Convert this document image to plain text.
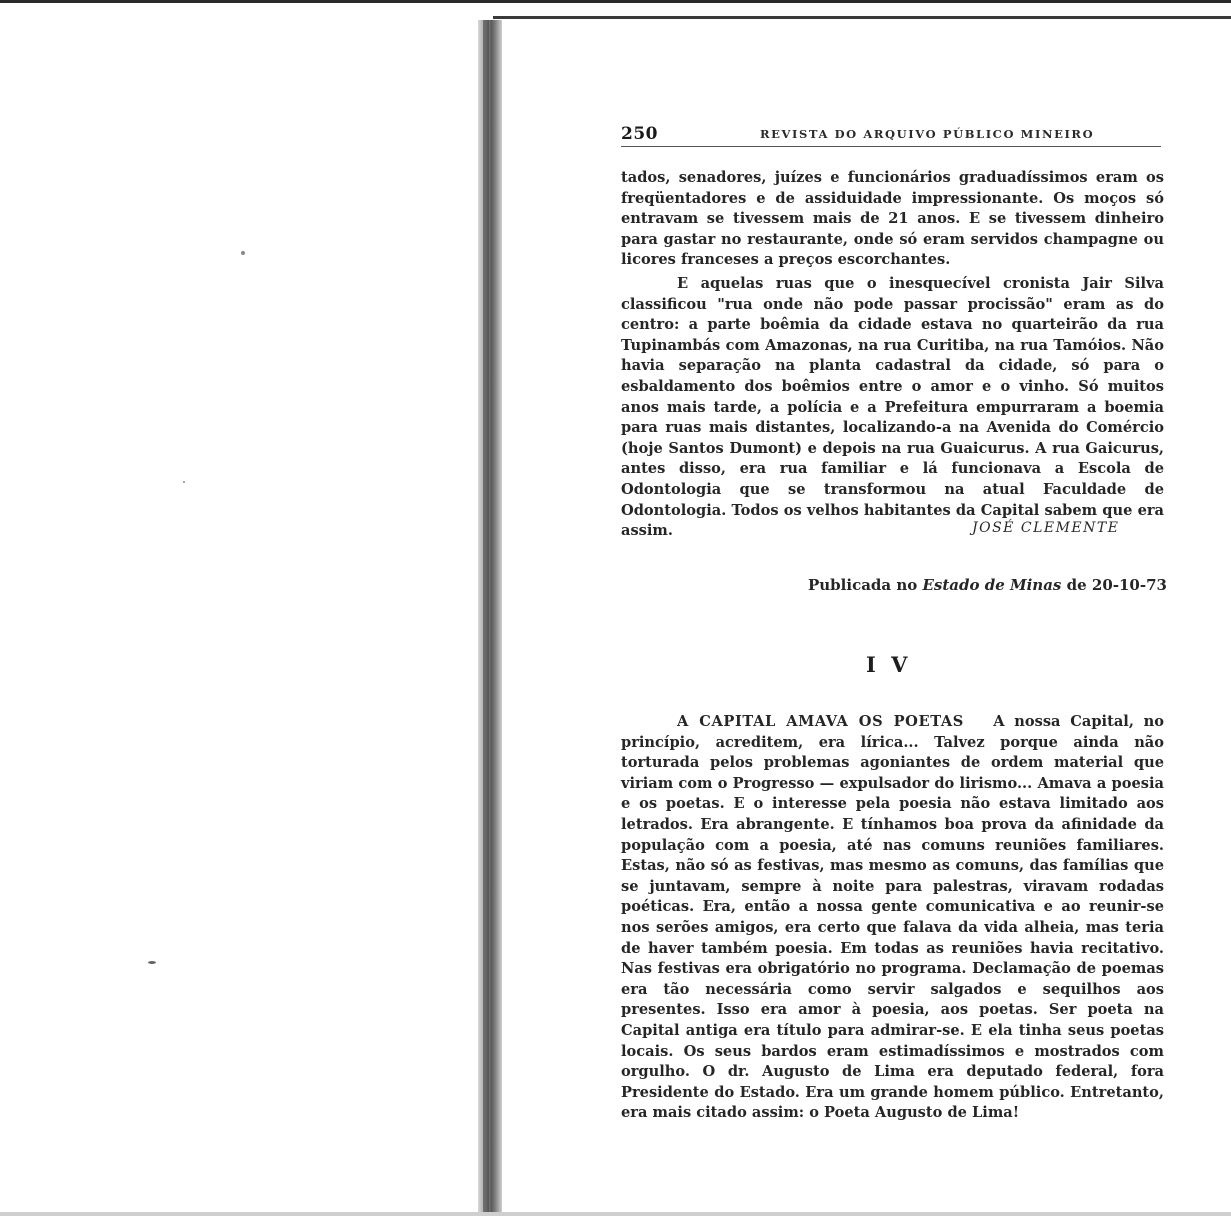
250	REVISTA DO ARQUIVO PÚBLICO MINEIRO

tados, senadores, juízes e funcionários graduadíssimos eram os freqüentadores e de assiduidade impressionante. Os moços só entravam se tivessem mais de 21 anos. E se tivessem dinheiro para gastar no restaurante, onde só eram servidos champagne ou licores franceses a preços escorchantes.

E aquelas ruas que o inesquecível cronista Jair Silva classificou "rua onde não pode passar procissão" eram as do centro: a parte boêmia da cidade estava no quarteirão da rua Tupinambás com Amazonas, na rua Curitiba, na rua Tamóios. Não havia separação na planta cadastral da cidade, só para o esbaldamento dos boêmios entre o amor e o vinho. Só muitos anos mais tarde, a polícia e a Prefeitura empurraram a boemia para ruas mais distantes, localizando-a na Avenida do Comércio (hoje Santos Dumont) e depois na rua Guaicurus. A rua Gaicurus, antes disso, era rua familiar e lá funcionava a Escola de Odontologia que se transformou na atual Faculdade de Odontologia. Todos os velhos habitantes da Capital sabem que era assim.	JOSÉ CLEMENTE
Publicada no Estado de Minas de 20-10-73
I V

A CAPITAL AMAVA OS POETAS A nossa Capital, no princípio, acreditem, era lírica... Talvez porque ainda não torturada pelos problemas agoniantes de ordem material que viriam com o Progresso — expulsador do lirismo... Amava a poesia e os poetas. E o interesse pela poesia não estava limitado aos letrados. Era abrangente. E tínhamos boa prova da afinidade da população com a poesia, até nas comuns reuniões familiares. Estas, não só as festivas, mas mesmo as comuns, das famílias que se juntavam, sempre à noite para palestras, viravam rodadas poéticas. Era, então a nossa gente comunicativa e ao reunir-se nos serões amigos, era certo que falava da vida alheia, mas teria de haver também poesia. Em todas as reuniões havia recitativo. Nas festivas era obrigatório no programa. Declamação de poemas era tão necessária como servir salgados e sequilhos aos presentes. Isso era amor à poesia, aos poetas. Ser poeta na Capital antiga era título para admirar-se. E ela tinha seus poetas locais. Os seus bardos eram estimadíssimos e mostrados com orgulho. O dr. Augusto de Lima era deputado federal, fora Presidente do Estado. Era um grande homem público. Entretanto, era mais citado assim: o Poeta Augusto de Lima!
